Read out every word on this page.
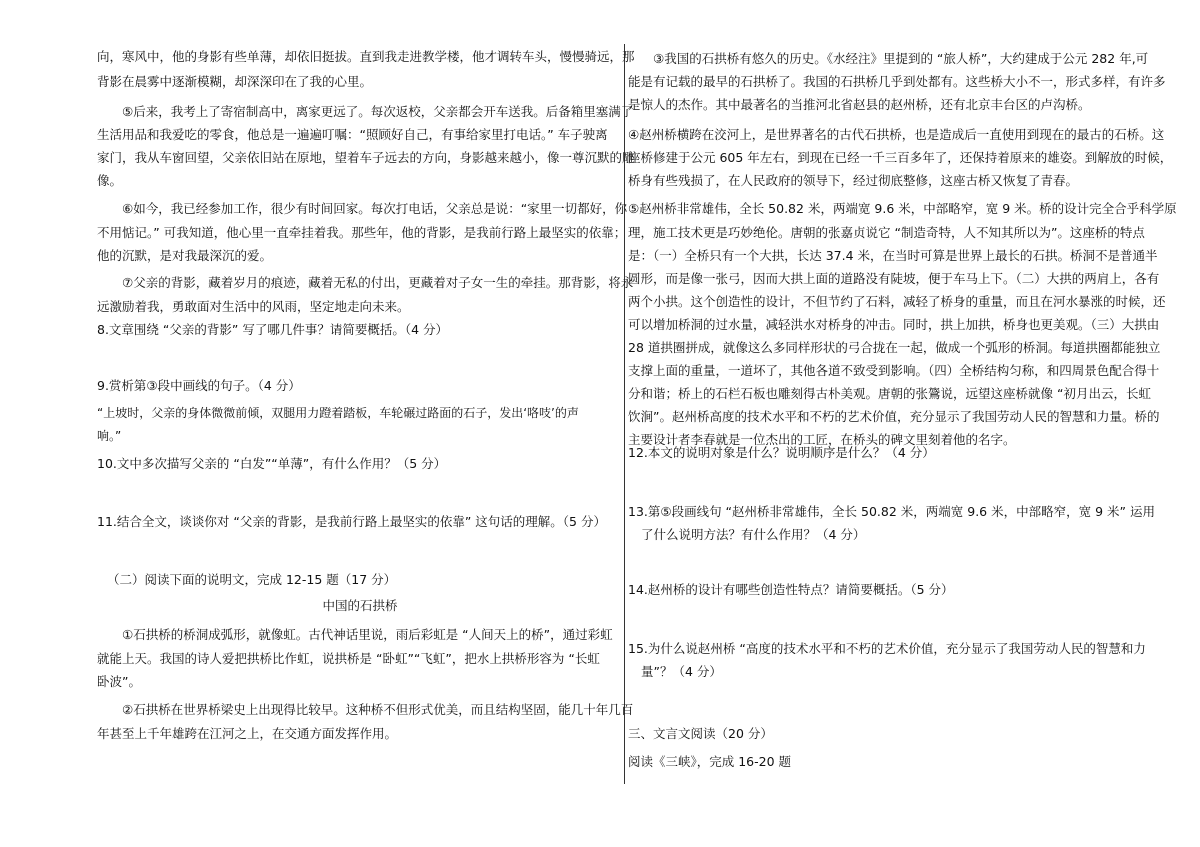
向，寒风中，他的身影有些单薄，却依旧挺拔。直到我走进教学楼，他才调转车头，慢慢骑远，那

背影在晨雾中逐渐模糊，却深深印在了我的心里。

⑤后来，我考上了寄宿制高中，离家更远了。每次返校，父亲都会开车送我。后备箱里塞满了

生活用品和我爱吃的零食，他总是一遍遍叮嘱：“照顾好自己，有事给家里打电话。” 车子驶离

家门，我从车窗回望，父亲依旧站在原地，望着车子远去的方向，身影越来越小，像一尊沉默的雕

像。

⑥如今，我已经参加工作，很少有时间回家。每次打电话，父亲总是说：“家里一切都好，你

不用惦记。” 可我知道，他心里一直牵挂着我。那些年，他的背影，是我前行路上最坚实的依靠；

他的沉默，是对我最深沉的爱。

⑦父亲的背影，藏着岁月的痕迹，藏着无私的付出，更藏着对子女一生的牵挂。那背影，将永

远激励着我，勇敢面对生活中的风雨，坚定地走向未来。

8.文章围绕 “父亲的背影” 写了哪几件事？请简要概括。（4 分）

9.赏析第③段中画线的句子。（4 分）

“上坡时，父亲的身体微微前倾，双腿用力蹬着踏板，车轮碾过路面的石子，发出‘咯吱’的声

响。”

10.文中多次描写父亲的 “白发”“单薄”，有什么作用？（5 分）

11.结合全文，谈谈你对 “父亲的背影，是我前行路上最坚实的依靠” 这句话的理解。（5 分）

（二）阅读下面的说明文，完成 12-15 题（17 分）

中国的石拱桥

①石拱桥的桥洞成弧形，就像虹。古代神话里说，雨后彩虹是 “人间天上的桥”，通过彩虹

就能上天。我国的诗人爱把拱桥比作虹，说拱桥是 “卧虹”“飞虹”，把水上拱桥形容为 “长虹

卧波”。

②石拱桥在世界桥梁史上出现得比较早。这种桥不但形式优美，而且结构坚固，能几十年几百

年甚至上千年雄跨在江河之上，在交通方面发挥作用。

③我国的石拱桥有悠久的历史。《水经注》里提到的 “旅人桥”，大约建成于公元 282 年,可

能是有记载的最早的石拱桥了。我国的石拱桥几乎到处都有。这些桥大小不一，形式多样，有许多

是惊人的杰作。其中最著名的当推河北省赵县的赵州桥，还有北京丰台区的卢沟桥。

④赵州桥横跨在洨河上，是世界著名的古代石拱桥，也是造成后一直使用到现在的最古的石桥。这

座桥修建于公元 605 年左右，到现在已经一千三百多年了，还保持着原来的雄姿。到解放的时候，

桥身有些残损了，在人民政府的领导下，经过彻底整修，这座古桥又恢复了青春。

⑤赵州桥非常雄伟，全长 50.82 米，两端宽 9.6 米，中部略窄，宽 9 米。桥的设计完全合乎科学原

理，施工技术更是巧妙绝伦。唐朝的张嘉贞说它 “制造奇特，人不知其所以为”。这座桥的特点

是：（一）全桥只有一个大拱，长达 37.4 米，在当时可算是世界上最长的石拱。桥洞不是普通半

圆形，而是像一张弓，因而大拱上面的道路没有陡坡，便于车马上下。（二）大拱的两肩上，各有

两个小拱。这个创造性的设计，不但节约了石料，减轻了桥身的重量，而且在河水暴涨的时候，还

可以增加桥洞的过水量，减轻洪水对桥身的冲击。同时，拱上加拱，桥身也更美观。（三）大拱由

28 道拱圈拼成，就像这么多同样形状的弓合拢在一起，做成一个弧形的桥洞。每道拱圈都能独立

支撑上面的重量，一道坏了，其他各道不致受到影响。（四）全桥结构匀称，和四周景色配合得十

分和谐；桥上的石栏石板也雕刻得古朴美观。唐朝的张鷟说，远望这座桥就像 “初月出云，长虹

饮涧”。赵州桥高度的技术水平和不朽的艺术价值，充分显示了我国劳动人民的智慧和力量。桥的

主要设计者李春就是一位杰出的工匠，在桥头的碑文里刻着他的名字。

12.本文的说明对象是什么？说明顺序是什么？（4 分）

13.第⑤段画线句 “赵州桥非常雄伟，全长 50.82 米，两端宽 9.6 米，中部略窄，宽 9 米” 运用

了什么说明方法？有什么作用？（4 分）

14.赵州桥的设计有哪些创造性特点？请简要概括。（5 分）

15.为什么说赵州桥 “高度的技术水平和不朽的艺术价值，充分显示了我国劳动人民的智慧和力

量”？（4 分）

三、文言文阅读（20 分）

阅读《三峡》，完成 16-20 题
